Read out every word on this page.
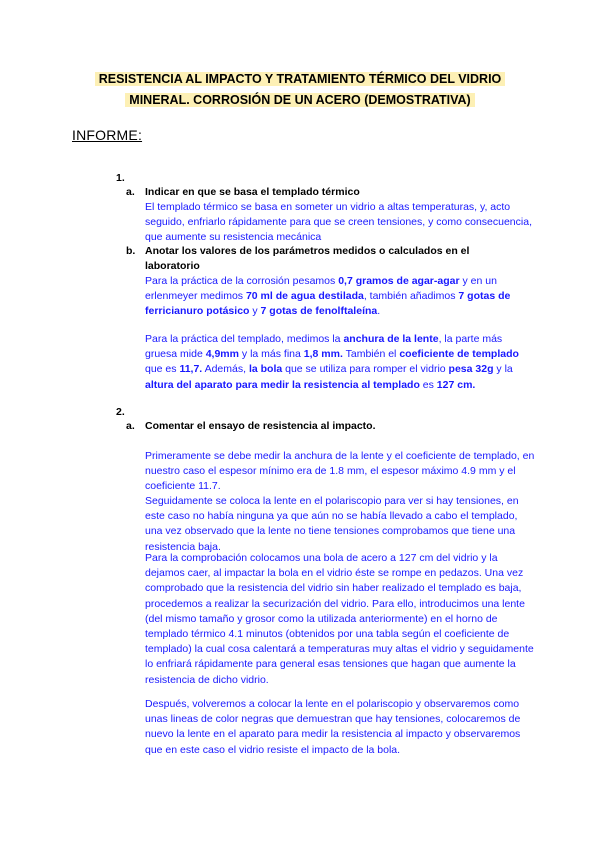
RESISTENCIA AL IMPACTO Y TRATAMIENTO TÉRMICO DEL VIDRIO
MINERAL. CORROSIÓN DE UN ACERO (DEMOSTRATIVA)
INFORME:
1.
a. Indicar en que se basa el templado térmico
El templado térmico se basa en someter un vidrio a altas temperaturas, y, acto seguido, enfriarlo rápidamente para que se creen tensiones, y como consecuencia, que aumente su resistencia mecánica
b. Anotar los valores de los parámetros medidos o calculados en el laboratorio
Para la práctica de la corrosión pesamos 0,7 gramos de agar-agar y en un erlenmeyer medimos 70 ml de agua destilada, también añadimos 7 gotas de ferricianuro potásico y 7 gotas de fenolftaleína.
Para la práctica del templado, medimos la anchura de la lente, la parte más gruesa mide 4,9mm y la más fina 1,8 mm. También el coeficiente de templado que es 11,7. Además, la bola que se utiliza para romper el vidrio pesa 32g y la altura del aparato para medir la resistencia al templado es 127 cm.
2.
a. Comentar el ensayo de resistencia al impacto.
Primeramente se debe medir la anchura de la lente y el coeficiente de templado, en nuestro caso el espesor mínimo era de 1.8 mm, el espesor máximo 4.9 mm y el coeficiente 11.7.
Seguidamente se coloca la lente en el polariscopio para ver si hay tensiones, en este caso no había ninguna ya que aún no se había llevado a cabo el templado, una vez observado que la lente no tiene tensiones comprobamos que tiene una resistencia baja.
Para la comprobación colocamos una bola de acero a 127 cm del vidrio y la dejamos caer, al impactar la bola en el vidrio éste se rompe en pedazos. Una vez comprobado que la resistencia del vidrio sin haber realizado el templado es baja, procedemos a realizar la securización del vidrio. Para ello, introducimos una lente (del mismo tamaño y grosor como la utilizada anteriormente) en el horno de templado térmico 4.1 minutos (obtenidos por una tabla según el coeficiente de templado) la cual cosa calentará a temperaturas muy altas el vidrio y seguidamente lo enfriará rápidamente para general esas tensiones que hagan que aumente la resistencia de dicho vidrio.
Después, volveremos a colocar la lente en el polariscopio y observaremos como unas lineas de color negras que demuestran que hay tensiones, colocaremos de nuevo la lente en el aparato para medir la resistencia al impacto y observaremos que en este caso el vidrio resiste el impacto de la bola.
